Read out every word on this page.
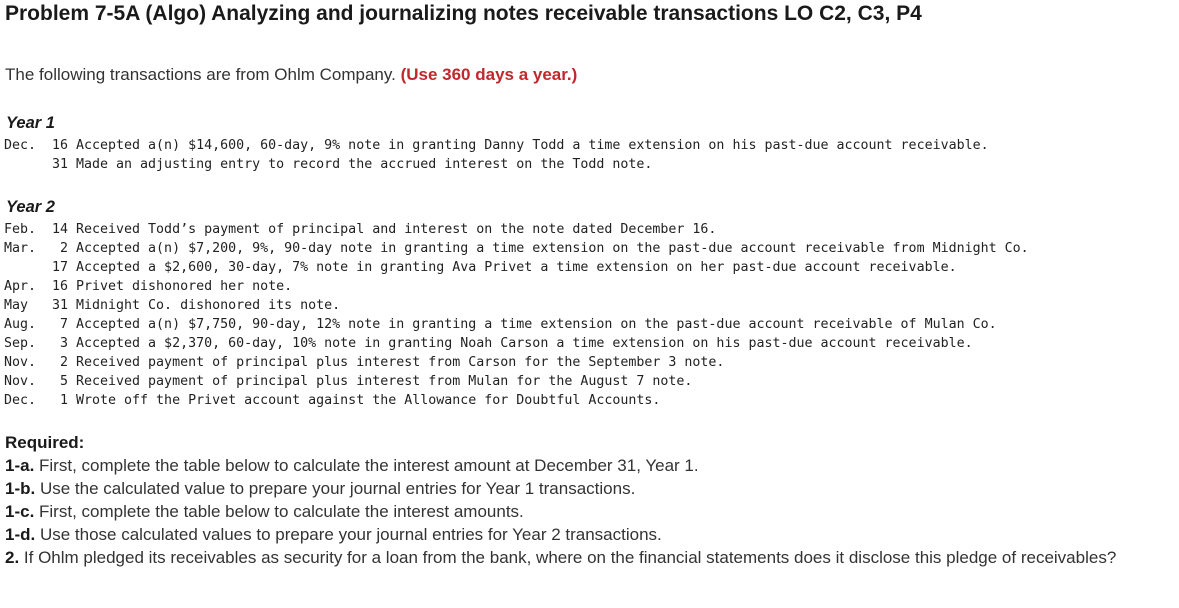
Problem 7-5A (Algo) Analyzing and journalizing notes receivable transactions LO C2, C3, P4
The following transactions are from Ohlm Company. (Use 360 days a year.)
Year 1
Dec.	16 Accepted a(n) $14,600, 60-day, 9% note in granting Danny Todd a time extension on his past-due account receivable.
31 Made an adjusting entry to record the accrued interest on the Todd note.
Year 2
Feb.	14 Received Todd’s payment of principal and interest on the note dated December 16.
Mar.	2 Accepted a(n) $7,200, 9%, 90-day note in granting a time extension on the past-due account receivable from Midnight Co.
17 Accepted a $2,600, 30-day, 7% note in granting Ava Privet a time extension on her past-due account receivable.
Apr.	16 Privet dishonored her note.
May	31 Midnight Co. dishonored its note.
Aug.	7 Accepted a(n) $7,750, 90-day, 12% note in granting a time extension on the past-due account receivable of Mulan Co.
Sep.	3 Accepted a $2,370, 60-day, 10% note in granting Noah Carson a time extension on his past-due account receivable.
Nov.	2 Received payment of principal plus interest from Carson for the September 3 note.
Nov.	5 Received payment of principal plus interest from Mulan for the August 7 note.
Dec.	1 Wrote off the Privet account against the Allowance for Doubtful Accounts.
Required:
1-a. First, complete the table below to calculate the interest amount at December 31, Year 1.
1-b. Use the calculated value to prepare your journal entries for Year 1 transactions.
1-c. First, complete the table below to calculate the interest amounts.
1-d. Use those calculated values to prepare your journal entries for Year 2 transactions.
2. If Ohlm pledged its receivables as security for a loan from the bank, where on the financial statements does it disclose this pledge of receivables?
